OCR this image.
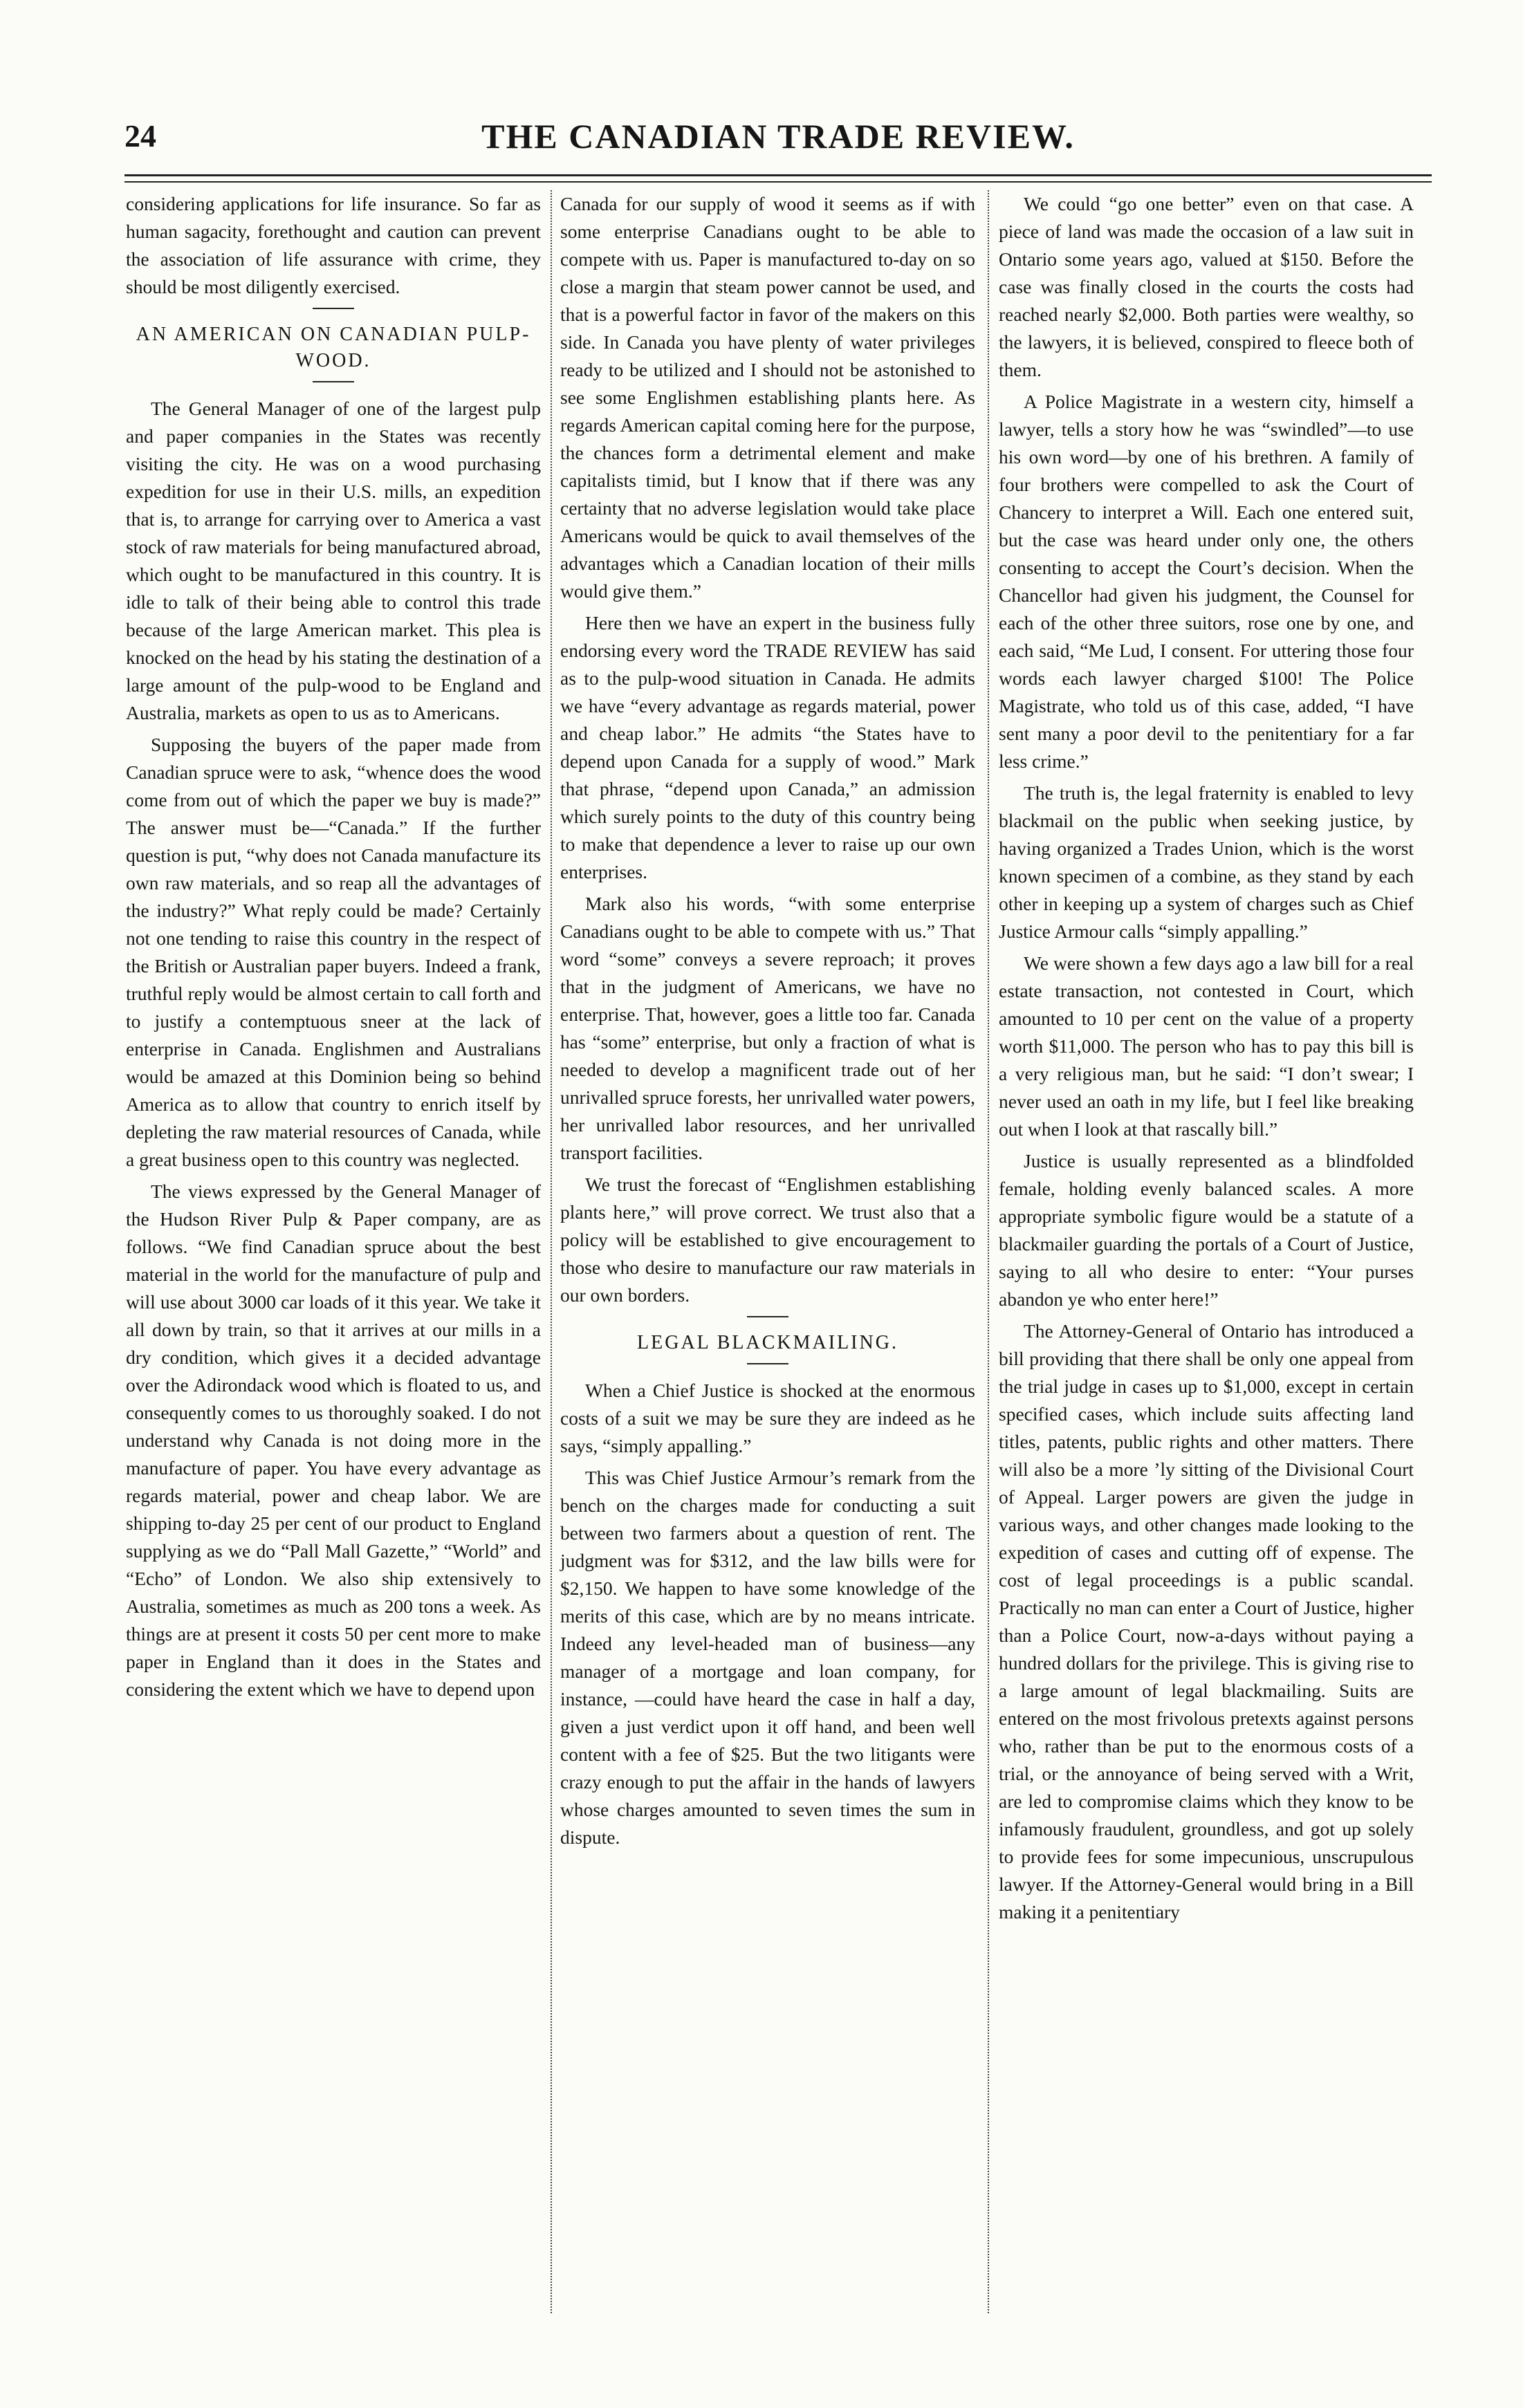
24	THE CANADIAN TRADE REVIEW.

considering applications for life insurance. So far as human sagacity, forethought and caution can prevent the association of life assurance with crime, they should be most diligently exercised.

AN AMERICAN ON CANADIAN PULP-WOOD.

The General Manager of one of the largest pulp and paper companies in the States was recently visiting the city. He was on a wood purchasing expedition for use in their U.S. mills, an expedition that is, to arrange for carrying over to America a vast stock of raw materials for being manufactured abroad, which ought to be manufactured in this country. It is idle to talk of their being able to control this trade because of the large American market. This plea is knocked on the head by his stating the destination of a large amount of the pulp-wood to be England and Australia, markets as open to us as to Americans.

Supposing the buyers of the paper made from Canadian spruce were to ask, “whence does the wood come from out of which the paper we buy is made?” The answer must be—“Canada.” If the further question is put, “why does not Canada manufacture its own raw materials, and so reap all the advantages of the industry?” What reply could be made? Certainly not one tending to raise this country in the respect of the British or Australian paper buyers. Indeed a frank, truthful reply would be almost certain to call forth and to justify a contemptuous sneer at the lack of enterprise in Canada. Englishmen and Australians would be amazed at this Dominion being so behind America as to allow that country to enrich itself by depleting the raw material resources of Canada, while a great business open to this country was neglected.

The views expressed by the General Manager of the Hudson River Pulp & Paper company, are as follows. “We find Canadian spruce about the best material in the world for the manufacture of pulp and will use about 3000 car loads of it this year. We take it all down by train, so that it arrives at our mills in a dry condition, which gives it a decided advantage over the Adirondack wood which is floated to us, and consequently comes to us thoroughly soaked. I do not understand why Canada is not doing more in the manufacture of paper. You have every advantage as regards material, power and cheap labor. We are shipping to-day 25 per cent of our product to England supplying as we do “Pall Mall Gazette,” “World” and “Echo” of London. We also ship extensively to Australia, sometimes as much as 200 tons a week. As things are at present it costs 50 per cent more to make paper in England than it does in the States and considering the extent which we have to depend upon

Canada for our supply of wood it seems as if with some enterprise Canadians ought to be able to compete with us. Paper is manufactured to-day on so close a margin that steam power cannot be used, and that is a powerful factor in favor of the makers on this side. In Canada you have plenty of water privileges ready to be utilized and I should not be astonished to see some Englishmen establishing plants here. As regards American capital coming here for the purpose, the chances form a detrimental element and make capitalists timid, but I know that if there was any certainty that no adverse legislation would take place Americans would be quick to avail themselves of the advantages which a Canadian location of their mills would give them.”

Here then we have an expert in the business fully endorsing every word the TRADE REVIEW has said as to the pulp-wood situation in Canada. He admits we have “every advantage as regards material, power and cheap labor.” He admits “the States have to depend upon Canada for a supply of wood.” Mark that phrase, “depend upon Canada,” an admission which surely points to the duty of this country being to make that dependence a lever to raise up our own enterprises.

Mark also his words, “with some enterprise Canadians ought to be able to compete with us.” That word “some” conveys a severe reproach; it proves that in the judgment of Americans, we have no enterprise. That, however, goes a little too far. Canada has “some” enterprise, but only a fraction of what is needed to develop a magnificent trade out of her unrivalled spruce forests, her unrivalled water powers, her unrivalled labor resources, and her unrivalled transport facilities.

We trust the forecast of “Englishmen establishing plants here,” will prove correct. We trust also that a policy will be established to give encouragement to those who desire to manufacture our raw materials in our own borders.

LEGAL BLACKMAILING.

When a Chief Justice is shocked at the enormous costs of a suit we may be sure they are indeed as he says, “simply appalling.”

This was Chief Justice Armour’s remark from the bench on the charges made for conducting a suit between two farmers about a question of rent. The judgment was for $312, and the law bills were for $2,150. We happen to have some knowledge of the merits of this case, which are by no means intricate. Indeed any level-headed man of business—any manager of a mortgage and loan company, for instance, —could have heard the case in half a day, given a just verdict upon it off hand, and been well content with a fee of $25. But the two litigants were crazy enough to put the affair in the hands of lawyers whose charges amounted to seven times the sum in dispute.

We could “go one better” even on that case. A piece of land was made the occasion of a law suit in Ontario some years ago, valued at $150. Before the case was finally closed in the courts the costs had reached nearly $2,000. Both parties were wealthy, so the lawyers, it is believed, conspired to fleece both of them.

A Police Magistrate in a western city, himself a lawyer, tells a story how he was “swindled”—to use his own word—by one of his brethren. A family of four brothers were compelled to ask the Court of Chancery to interpret a Will. Each one entered suit, but the case was heard under only one, the others consenting to accept the Court’s decision. When the Chancellor had given his judgment, the Counsel for each of the other three suitors, rose one by one, and each said, “Me Lud, I consent. For uttering those four words each lawyer charged $100! The Police Magistrate, who told us of this case, added, “I have sent many a poor devil to the penitentiary for a far less crime.”

The truth is, the legal fraternity is enabled to levy blackmail on the public when seeking justice, by having organized a Trades Union, which is the worst known specimen of a combine, as they stand by each other in keeping up a system of charges such as Chief Justice Armour calls “simply appalling.”

We were shown a few days ago a law bill for a real estate transaction, not contested in Court, which amounted to 10 per cent on the value of a property worth $11,000. The person who has to pay this bill is a very religious man, but he said: “I don’t swear; I never used an oath in my life, but I feel like breaking out when I look at that rascally bill.”

Justice is usually represented as a blindfolded female, holding evenly balanced scales. A more appropriate symbolic figure would be a statute of a blackmailer guarding the portals of a Court of Justice, saying to all who desire to enter: “Your purses abandon ye who enter here!”

The Attorney-General of Ontario has introduced a bill providing that there shall be only one appeal from the trial judge in cases up to $1,000, except in certain specified cases, which include suits affecting land titles, patents, public rights and other matters. There will also be a more ’ly sitting of the Divisional Court of Appeal. Larger powers are given the judge in various ways, and other changes made looking to the expedition of cases and cutting off of expense. The cost of legal proceedings is a public scandal. Practically no man can enter a Court of Justice, higher than a Police Court, now-a-days without paying a hundred dollars for the privilege. This is giving rise to a large amount of legal blackmailing. Suits are entered on the most frivolous pretexts against persons who, rather than be put to the enormous costs of a trial, or the annoyance of being served with a Writ, are led to compromise claims which they know to be infamously fraudulent, groundless, and got up solely to provide fees for some impecunious, unscrupulous lawyer. If the Attorney-General would bring in a Bill making it a penitentiary
